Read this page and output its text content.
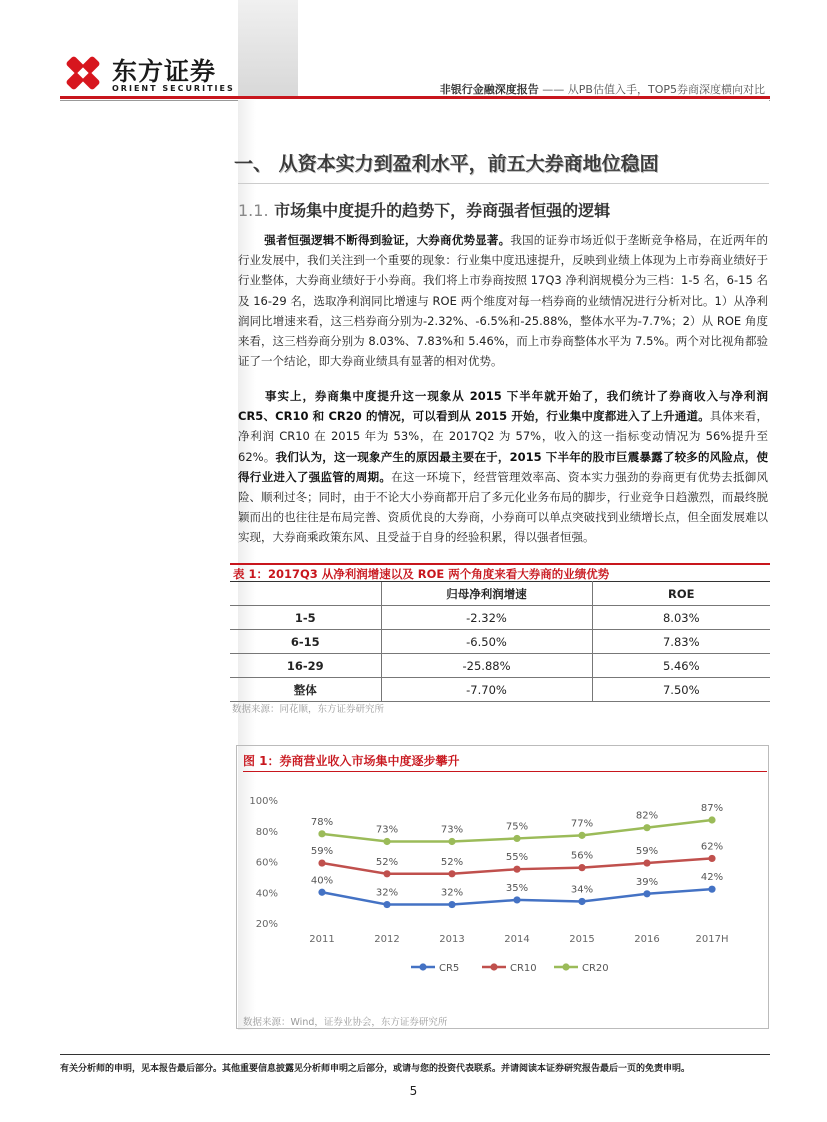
东方证券
ORIENT SECURITIES	非银行金融深度报告 —— 从PB估值入手，TOP5券商深度横向对比
一、 从资本实力到盈利水平，前五大券商地位稳固
1.1. 市场集中度提升的趋势下，券商强者恒强的逻辑
强者恒强逻辑不断得到验证，大券商优势显著。我国的证券市场近似于垄断竞争格局，在近两年的行业发展中，我们关注到一个重要的现象：行业集中度迅速提升，反映到业绩上体现为上市券商业绩好于行业整体，大券商业绩好于小券商。我们将上市券商按照 17Q3 净利润规模分为三档：1-5 名，6-15 名及 16-29 名，选取净利润同比增速与 ROE 两个维度对每一档券商的业绩情况进行分析对比。1）从净利润同比增速来看，这三档券商分别为-2.32%、-6.5%和-25.88%，整体水平为-7.7%；2）从 ROE 角度来看，这三档券商分别为 8.03%、7.83%和 5.46%，而上市券商整体水平为 7.5%。两个对比视角都验证了一个结论，即大券商业绩具有显著的相对优势。
事实上，券商集中度提升这一现象从 2015 下半年就开始了，我们统计了券商收入与净利润 CR5、CR10 和 CR20 的情况，可以看到从 2015 开始，行业集中度都进入了上升通道。具体来看，净利润 CR10 在 2015 年为 53%，在 2017Q2 为 57%，收入的这一指标变动情况为 56%提升至 62%。我们认为，这一现象产生的原因最主要在于，2015 下半年的股市巨震暴露了较多的风险点，使得行业进入了强监管的周期。在这一环境下，经营管理效率高、资本实力强劲的券商更有优势去抵御风险、顺利过冬；同时，由于不论大小券商都开启了多元化业务布局的脚步，行业竞争日趋激烈，而最终脱颖而出的也往往是布局完善、资质优良的大券商，小券商可以单点突破找到业绩增长点，但全面发展难以实现，大券商乘政策东风、且受益于自身的经验积累，得以强者恒强。
表 1：2017Q3 从净利润增速以及 ROE 两个角度来看大券商的业绩优势
	归母净利润增速	ROE
1-5	-2.32%	8.03%
6-15	-6.50%	7.83%
16-29	-25.88%	5.46%
整体	-7.70%	7.50%
数据来源：同花顺，东方证券研究所
图 1：券商营业收入市场集中度逐步攀升
20%
40%
60%
80%
100%
2011	2012	2013	2014	2015	2016	2017H
40%
32%	32%	35%	34%
39%	42%
59%
52%	52%	55%	56%	59%	62%
78%
73%	73%	75%	77%
82%
87%
CR5	CR10	CR20
数据来源：Wind，证券业协会，东方证券研究所
有关分析师的申明，见本报告最后部分。其他重要信息披露见分析师申明之后部分，或请与您的投资代表联系。并请阅读本证券研究报告最后一页的免责申明。
5
